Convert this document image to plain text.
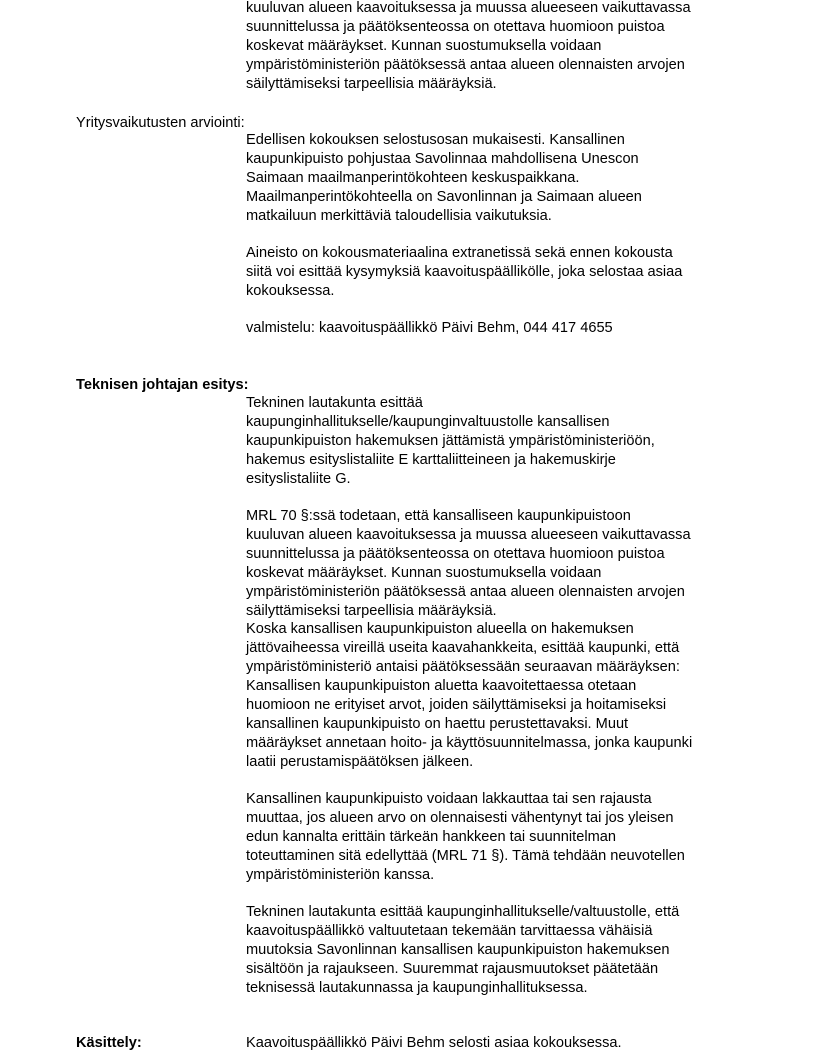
kuuluvan alueen kaavoituksessa ja muussa alueeseen vaikuttavassa
suunnittelussa ja päätöksenteossa on otettava huomioon puistoa
koskevat määräykset. Kunnan suostumuksella voidaan
ympäristöministeriön päätöksessä antaa alueen olennaisten arvojen
säilyttämiseksi tarpeellisia määräyksiä.
Yritysvaikutusten arviointi:
Edellisen kokouksen selostusosan mukaisesti. Kansallinen
kaupunkipuisto pohjustaa Savolinnaa mahdollisena Unescon
Saimaan maailmanperintökohteen keskuspaikkana.
Maailmanperintökohteella on Savonlinnan ja Saimaan alueen
matkailuun merkittäviä taloudellisia vaikutuksia.
Aineisto on kokousmateriaalina extranetissä sekä ennen kokousta
siitä voi esittää kysymyksiä kaavoituspäällikölle, joka selostaa asiaa
kokouksessa.
valmistelu: kaavoituspäällikkö Päivi Behm, 044 417 4655
Teknisen johtajan esitys:
Tekninen lautakunta esittää
kaupunginhallitukselle/kaupunginvaltuustolle kansallisen
kaupunkipuiston hakemuksen jättämistä ympäristöministeriöön,
hakemus esityslistaliite E karttaliitteineen ja hakemuskirje
esityslistaliite G.
MRL 70 §:ssä todetaan, että kansalliseen kaupunkipuistoon
kuuluvan alueen kaavoituksessa ja muussa alueeseen vaikuttavassa
suunnittelussa ja päätöksenteossa on otettava huomioon puistoa
koskevat määräykset. Kunnan suostumuksella voidaan
ympäristöministeriön päätöksessä antaa alueen olennaisten arvojen
säilyttämiseksi tarpeellisia määräyksiä.
Koska kansallisen kaupunkipuiston alueella on hakemuksen
jättövaiheessa vireillä useita kaavahankkeita, esittää kaupunki, että
ympäristöministeriö antaisi päätöksessään seuraavan määräyksen:
Kansallisen kaupunkipuiston aluetta kaavoitettaessa otetaan
huomioon ne erityiset arvot, joiden säilyttämiseksi ja hoitamiseksi
kansallinen kaupunkipuisto on haettu perustettavaksi. Muut
määräykset annetaan hoito- ja käyttösuunnitelmassa, jonka kaupunki
laatii perustamispäätöksen jälkeen.
Kansallinen kaupunkipuisto voidaan lakkauttaa tai sen rajausta
muuttaa, jos alueen arvo on olennaisesti vähentynyt tai jos yleisen
edun kannalta erittäin tärkeän hankkeen tai suunnitelman
toteuttaminen sitä edellyttää (MRL 71 §). Tämä tehdään neuvotellen
ympäristöministeriön kanssa.
Tekninen lautakunta esittää kaupunginhallitukselle/valtuustolle, että
kaavoituspäällikkö valtuutetaan tekemään tarvittaessa vähäisiä
muutoksia Savonlinnan kansallisen kaupunkipuiston hakemuksen
sisältöön ja rajaukseen. Suuremmat rajausmuutokset päätetään
teknisessä lautakunnassa ja kaupunginhallituksessa.
Käsittely:	Kaavoituspäällikkö Päivi Behm selosti asiaa kokouksessa.
